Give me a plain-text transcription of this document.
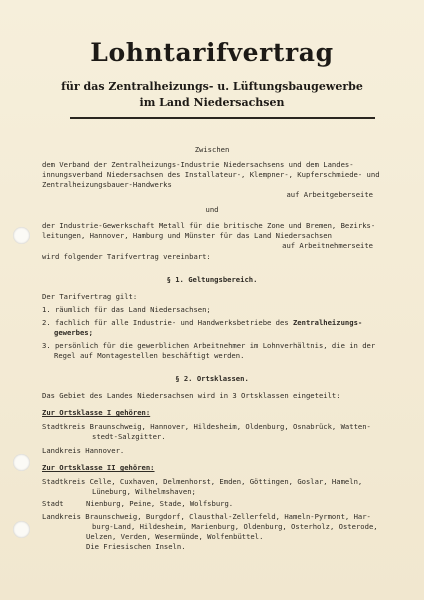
Lohntarifvertrag
für das Zentralheizungs- u. Lüftungsbaugewerbe
im Land Niedersachsen
Zwischen
dem Verband der Zentralheizungs-Industrie Niedersachsens und dem Landes-
innungsverband Niedersachsen des Installateur-, Klempner-, Kupferschmiede- und
Zentralheizungsbauer-Handwerks
auf Arbeitgeberseite
und
der Industrie-Gewerkschaft Metall für die britische Zone und Bremen, Bezirks-
leitungen, Hannover, Hamburg und Münster für das Land Niedersachsen
auf Arbeitnehmerseite
wird folgender Tarifvertrag vereinbart:
§ 1. Geltungsbereich.
Der Tarifvertrag gilt:
1. räumlich für das Land Niedersachsen;
2. fachlich für alle Industrie- und Handwerksbetriebe des Zentralheizungs-
gewerbes;
3. persönlich für die gewerblichen Arbeitnehmer im Lohnverhältnis, die in der
Regel auf Montagestellen beschäftigt werden.
§ 2. Ortsklassen.
Das Gebiet des Landes Niedersachsen wird in 3 Ortsklassen eingeteilt:
Zur Ortsklasse I gehören:
Stadtkreis Braunschweig, Hannover, Hildesheim, Oldenburg, Osnabrück, Watten-
stedt-Salzgitter.
Landkreis Hannover.
Zur Ortsklasse II gehören:
Stadtkreis Celle, Cuxhaven, Delmenhorst, Emden, Göttingen, Goslar, Hameln,
Lüneburg, Wilhelmshaven;
Stadt	Nienburg, Peine, Stade, Wolfsburg.
Landkreis Braunschweig, Burgdorf, Clausthal-Zellerfeld, Hameln-Pyrmont, Har-
burg-Land, Hildesheim, Marienburg, Oldenburg, Osterholz, Osterode,
Uelzen, Verden, Wesermünde, Wolfenbüttel.
Die Friesischen Inseln.
